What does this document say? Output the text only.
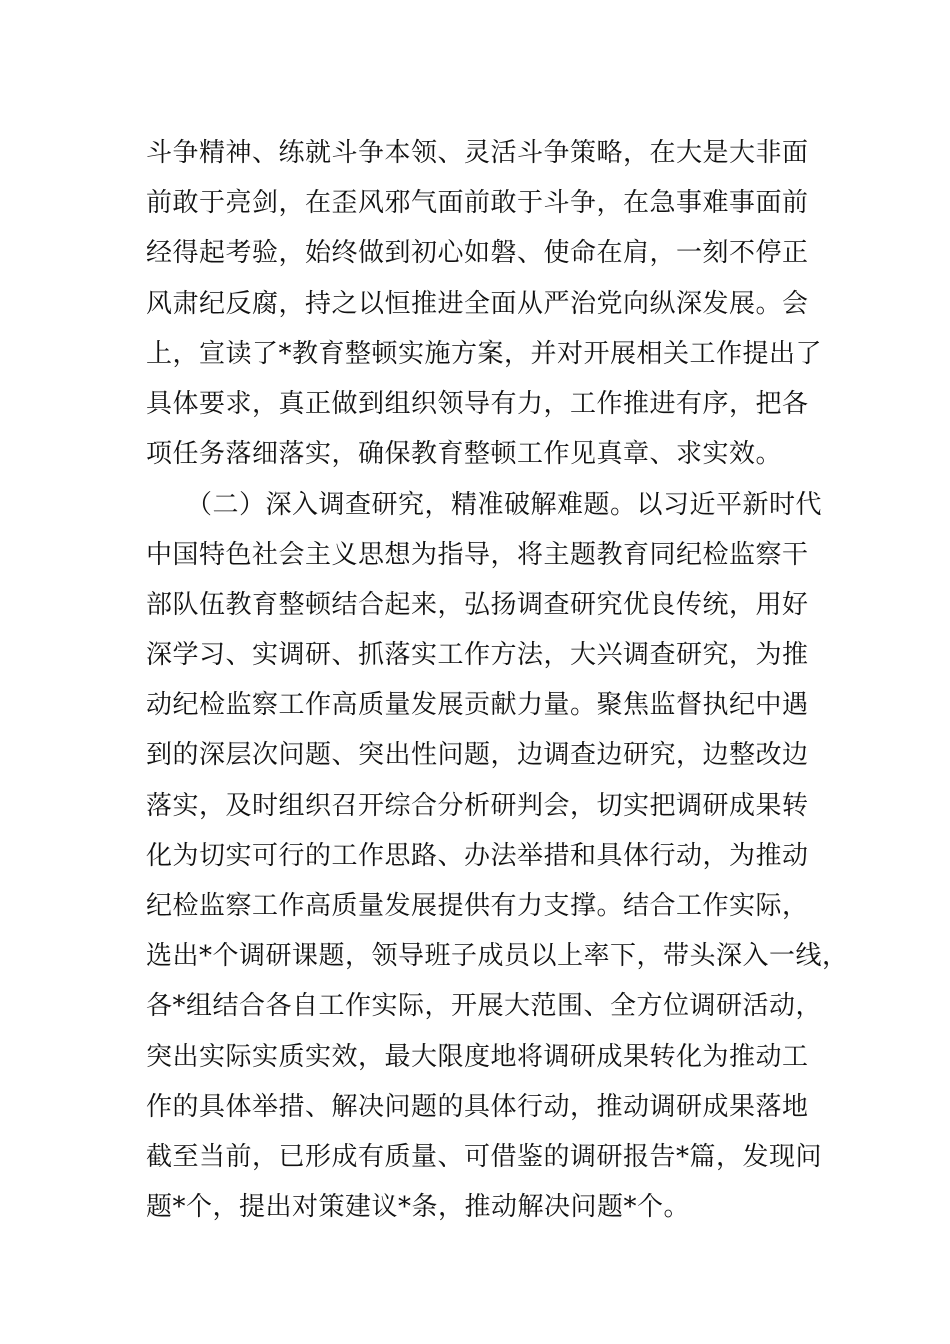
斗争精神、练就斗争本领、灵活斗争策略，在大是大非面
前敢于亮剑，在歪风邪气面前敢于斗争，在急事难事面前
经得起考验，始终做到初心如磐、使命在肩，一刻不停正
风肃纪反腐，持之以恒推进全面从严治党向纵深发展。会
上，宣读了*教育整顿实施方案，并对开展相关工作提出了
具体要求，真正做到组织领导有力，工作推进有序，把各
项任务落细落实，确保教育整顿工作见真章、求实效。
（二）深入调查研究，精准破解难题。以习近平新时代
中国特色社会主义思想为指导，将主题教育同纪检监察干
部队伍教育整顿结合起来，弘扬调查研究优良传统，用好
深学习、实调研、抓落实工作方法，大兴调查研究，为推
动纪检监察工作高质量发展贡献力量。聚焦监督执纪中遇
到的深层次问题、突出性问题，边调查边研究，边整改边
落实，及时组织召开综合分析研判会，切实把调研成果转
化为切实可行的工作思路、办法举措和具体行动，为推动
纪检监察工作高质量发展提供有力支撑。结合工作实际，
选出*个调研课题，领导班子成员以上率下，带头深入一线，
各*组结合各自工作实际，开展大范围、全方位调研活动，
突出实际实质实效，最大限度地将调研成果转化为推动工
作的具体举措、解决问题的具体行动，推动调研成果落地
截至当前，已形成有质量、可借鉴的调研报告*篇，发现问
题*个，提出对策建议*条，推动解决问题*个。
